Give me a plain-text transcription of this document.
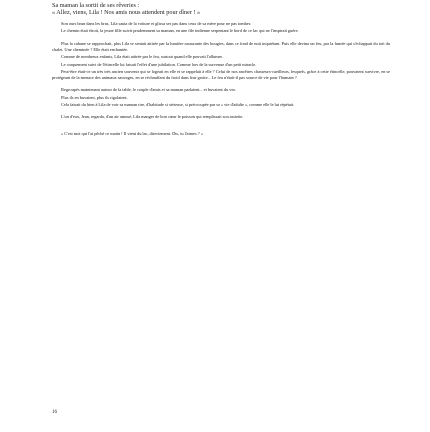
Sa maman la sortit de ses rêveries :

« Allez, viens, Lila ! Nos amis nous attendent pour dîner ! »

Son ours brun dans les bras, Lila sauta de la voiture et glissa ses pas dans ceux de sa mère pour ne pas tomber.

Le chemin était étroit, la jeune fille suivit prudemment sa maman, en une file indienne serpentant le bord de ce lac qui ne l'inspirait guère.

Plus la cabane se rapprochait, plus Lila se sentait attirée par la lumière rassurante des bougies, dans ce fond de nuit inquiétant. Puis elle devina un feu, par la fumée qui s'échappait du toit du chalet. Une cheminée ? Elle était enchantée.

Comme de nombreux enfants, Lila était attirée par le feu, surtout quand elle pouvait l'allumer.

Le craquement suivi de l'étincelle lui faisait l'effet d'une jubilation. Comme lors de la survenue d'un petit miracle.

Peut-être était-ce un très très ancien souvenir qui se logeait en elle et se rappelait à elle ? Celui de nos ancêtres chasseurs-cueilleurs, lesquels, grâce à cette étincelle, pouvaient survivre, en se protégeant de la menace des animaux sauvages, en se réchauffant du froid dans leur grotte... Le feu n'était-il pas source de vie pour l'humain ?

Regroupés maintenant autour de la table, le couple d'amis et sa maman parlaient... et buvaient du vin.

Plus ils en buvaient, plus ils rigolaient.

Cela faisait du bien à Lila de voir sa maman rire, d'habitude si sérieuse, si préoccupée par sa « vie d'adulte », comme elle le lui répétait.

L'un d'eux, Jean, regarda, d'un air amusé, Lila manger de bon cœur le poisson qui remplissait son assiette.

« C'est moi qui l'ai pêché ce matin ! Il vient du lac, directement. Dis, tu l'aimes ? »

16
